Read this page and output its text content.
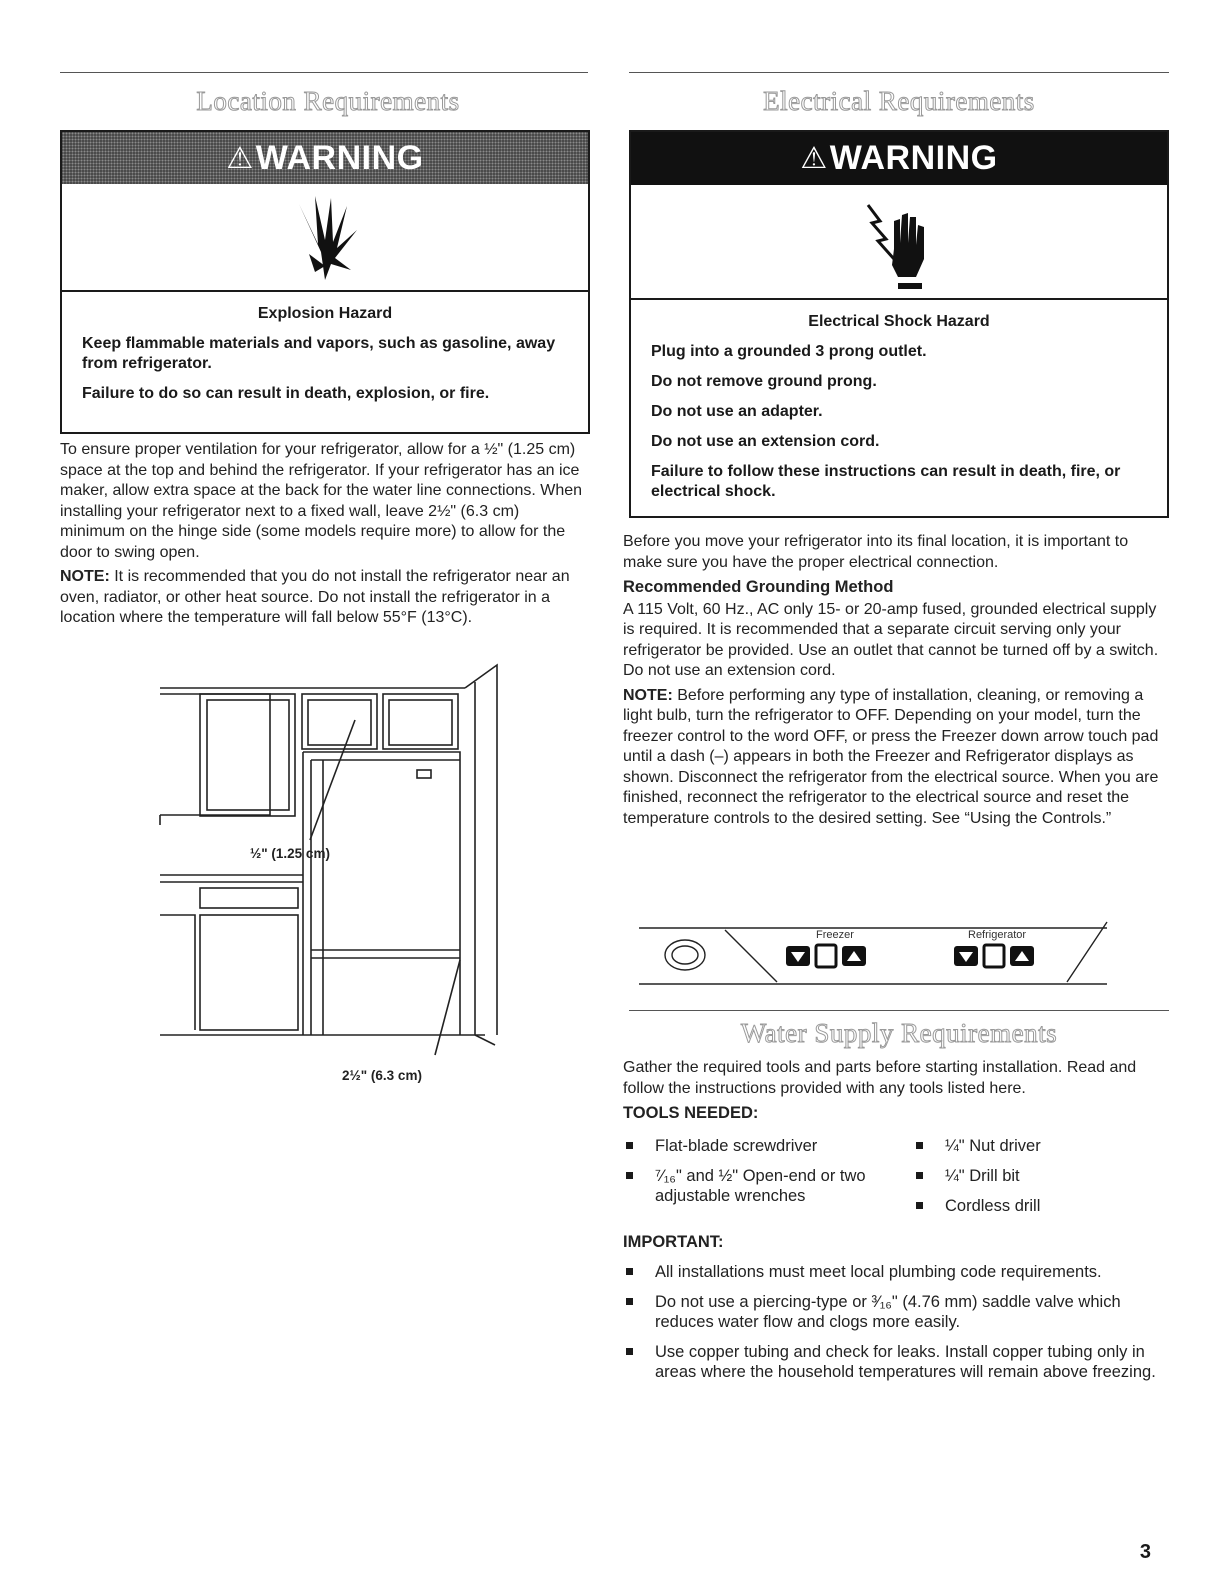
Location Requirements
⚠ WARNING
Explosion Hazard

Keep flammable materials and vapors, such as gasoline, away from refrigerator.

Failure to do so can result in death, explosion, or fire.

To ensure proper ventilation for your refrigerator, allow for a ½" (1.25 cm) space at the top and behind the refrigerator. If your refrigerator has an ice maker, allow extra space at the back for the water line connections. When installing your refrigerator next to a fixed wall, leave 2½" (6.3 cm) minimum on the hinge side (some models require more) to allow for the door to swing open.

NOTE: It is recommended that you do not install the refrigerator near an oven, radiator, or other heat source. Do not install the refrigerator in a location where the temperature will fall below 55°F (13°C).

½" (1.25 cm)
2½" (6.3 cm)
Electrical Requirements
⚠ WARNING
Electrical Shock Hazard

Plug into a grounded 3 prong outlet.

Do not remove ground prong.

Do not use an adapter.

Do not use an extension cord.

Failure to follow these instructions can result in death, fire, or electrical shock.

Before you move your refrigerator into its final location, it is important to make sure you have the proper electrical connection.

Recommended Grounding Method

A 115 Volt, 60 Hz., AC only 15- or 20-amp fused, grounded electrical supply is required. It is recommended that a separate circuit serving only your refrigerator be provided. Use an outlet that cannot be turned off by a switch. Do not use an extension cord.

NOTE: Before performing any type of installation, cleaning, or removing a light bulb, turn the refrigerator to OFF. Depending on your model, turn the freezer control to the word OFF, or press the Freezer down arrow touch pad until a dash (–) appears in both the Freezer and Refrigerator displays as shown. Disconnect the refrigerator from the electrical source. When you are finished, reconnect the refrigerator to the electrical source and reset the temperature controls to the desired setting. See “Using the Controls.”

Freezer	Refrigerator
Water Supply Requirements

Gather the required tools and parts before starting installation. Read and follow the instructions provided with any tools listed here.

TOOLS NEEDED:
Flat-blade screwdriver
⁷⁄₁₆" and ½" Open-end or two adjustable wrenches
¼" Nut driver
¼" Drill bit
Cordless drill
IMPORTANT:
All installations must meet local plumbing code requirements.
Do not use a piercing-type or ³⁄₁₆" (4.76 mm) saddle valve which reduces water flow and clogs more easily.
Use copper tubing and check for leaks. Install copper tubing only in areas where the household temperatures will remain above freezing.
3
